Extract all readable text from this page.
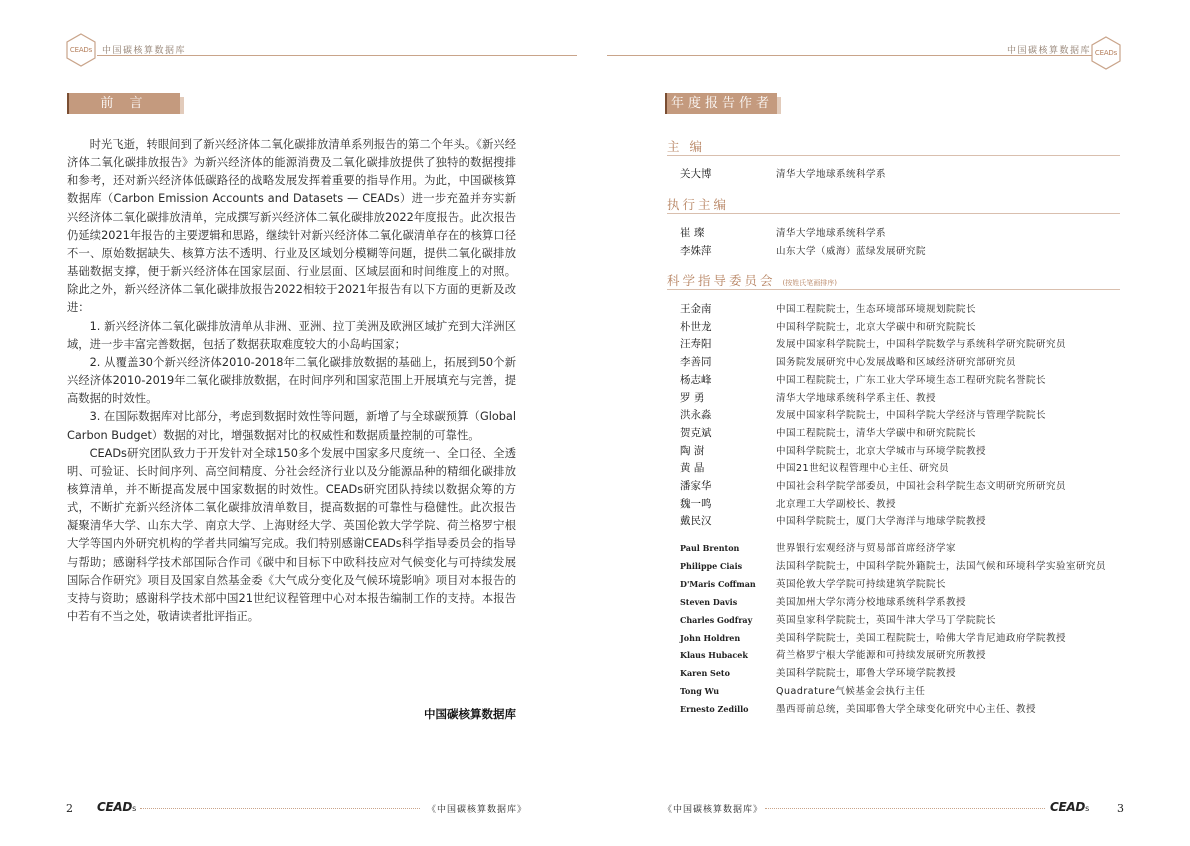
CEADs	中国碳核算数据库
前 言

时光飞逝，转眼间到了新兴经济体二氧化碳排放清单系列报告的第二个年头。《新兴经济体二氧化碳排放报告》为新兴经济体的能源消费及二氧化碳排放提供了独特的数据搜排和参考，还对新兴经济体低碳路径的战略发展发挥着重要的指导作用。为此，中国碳核算数据库（Carbon Emission Accounts and Datasets — CEADs）进一步充盈并夯实新兴经济体二氧化碳排放清单，完成撰写新兴经济体二氧化碳排放2022年度报告。此次报告仍延续2021年报告的主要逻辑和思路，继续针对新兴经济体二氧化碳清单存在的核算口径不一、原始数据缺失、核算方法不透明、行业及区域划分模糊等问题，提供二氧化碳排放基础数据支撑，便于新兴经济体在国家层面、行业层面、区域层面和时间维度上的对照。除此之外，新兴经济体二氧化碳排放报告2022相较于2021年报告有以下方面的更新及改进：

1. 新兴经济体二氧化碳排放清单从非洲、亚洲、拉丁美洲及欧洲区域扩充到大洋洲区域，进一步丰富完善数据，包括了数据获取难度较大的小岛屿国家；

2. 从覆盖30个新兴经济体2010-2018年二氧化碳排放数据的基础上，拓展到50个新兴经济体2010-2019年二氧化碳排放数据，在时间序列和国家范围上开展填充与完善，提高数据的时效性。

3. 在国际数据库对比部分，考虑到数据时效性等问题，新增了与全球碳预算（Global Carbon Budget）数据的对比，增强数据对比的权威性和数据质量控制的可靠性。

CEADs研究团队致力于开发针对全球150多个发展中国家多尺度统一、全口径、全透明、可验证、长时间序列、高空间精度、分社会经济行业以及分能源品种的精细化碳排放核算清单，并不断提高发展中国家数据的时效性。CEADs研究团队持续以数据众筹的方式，不断扩充新兴经济体二氧化碳排放清单数目，提高数据的可靠性与稳健性。此次报告凝聚清华大学、山东大学、南京大学、上海财经大学、英国伦敦大学学院、荷兰格罗宁根大学等国内外研究机构的学者共同编写完成。我们特别感谢CEADs科学指导委员会的指导与帮助；感谢科学技术部国际合作司《碳中和目标下中欧科技应对气候变化与可持续发展国际合作研究》项目及国家自然基金委《大气成分变化及气候环境影响》项目对本报告的支持与资助；感谢科学技术部中国21世纪议程管理中心对本报告编制工作的支持。本报告中若有不当之处，敬请读者批评指正。

中国碳核算数据库
2 CEADs	《中国碳核算数据库》
中国碳核算数据库 CEADs
年度报告作者
3
CEADs
《中国碳核算数据库》
主 编
关大博	清华大学地球系统科学系
执行主编
崔 璨	清华大学地球系统科学系
李姝萍	山东大学（威海）蓝绿发展研究院
科学指导委员会 (按姓氏笔画排序)
王金南	中国工程院院士，生态环境部环境规划院院长
朴世龙	中国科学院院士，北京大学碳中和研究院院长
汪寿阳	发展中国家科学院院士，中国科学院数学与系统科学研究院研究员
李善同	国务院发展研究中心发展战略和区域经济研究部研究员
杨志峰	中国工程院院士，广东工业大学环境生态工程研究院名誉院长
罗 勇	清华大学地球系统科学系主任、教授
洪永淼	发展中国家科学院院士，中国科学院大学经济与管理学院院长
贺克斌	中国工程院院士，清华大学碳中和研究院院长
陶 澍	中国科学院院士，北京大学城市与环境学院教授
黄 晶	中国21世纪议程管理中心主任、研究员
潘家华	中国社会科学院学部委员，中国社会科学院生态文明研究所研究员
魏一鸣	北京理工大学副校长、教授
戴民汉	中国科学院院士，厦门大学海洋与地球学院教授
Paul Brenton	世界银行宏观经济与贸易部首席经济学家
Philippe Ciais	法国科学院院士，中国科学院外籍院士，法国气候和环境科学实验室研究员
D'Maris Coffman 英国伦敦大学学院可持续建筑学院院长
Steven Davis	美国加州大学尔湾分校地球系统科学系教授
Charles Godfray	英国皇家科学院院士，英国牛津大学马丁学院院长
John Holdren	美国科学院院士，美国工程院院士，哈佛大学肯尼迪政府学院教授
Klaus Hubacek	荷兰格罗宁根大学能源和可持续发展研究所教授
Karen Seto	美国科学院院士，耶鲁大学环境学院教授
Tong Wu	Quadrature气候基金会执行主任
Ernesto Zedillo	墨西哥前总统，美国耶鲁大学全球变化研究中心主任、教授
